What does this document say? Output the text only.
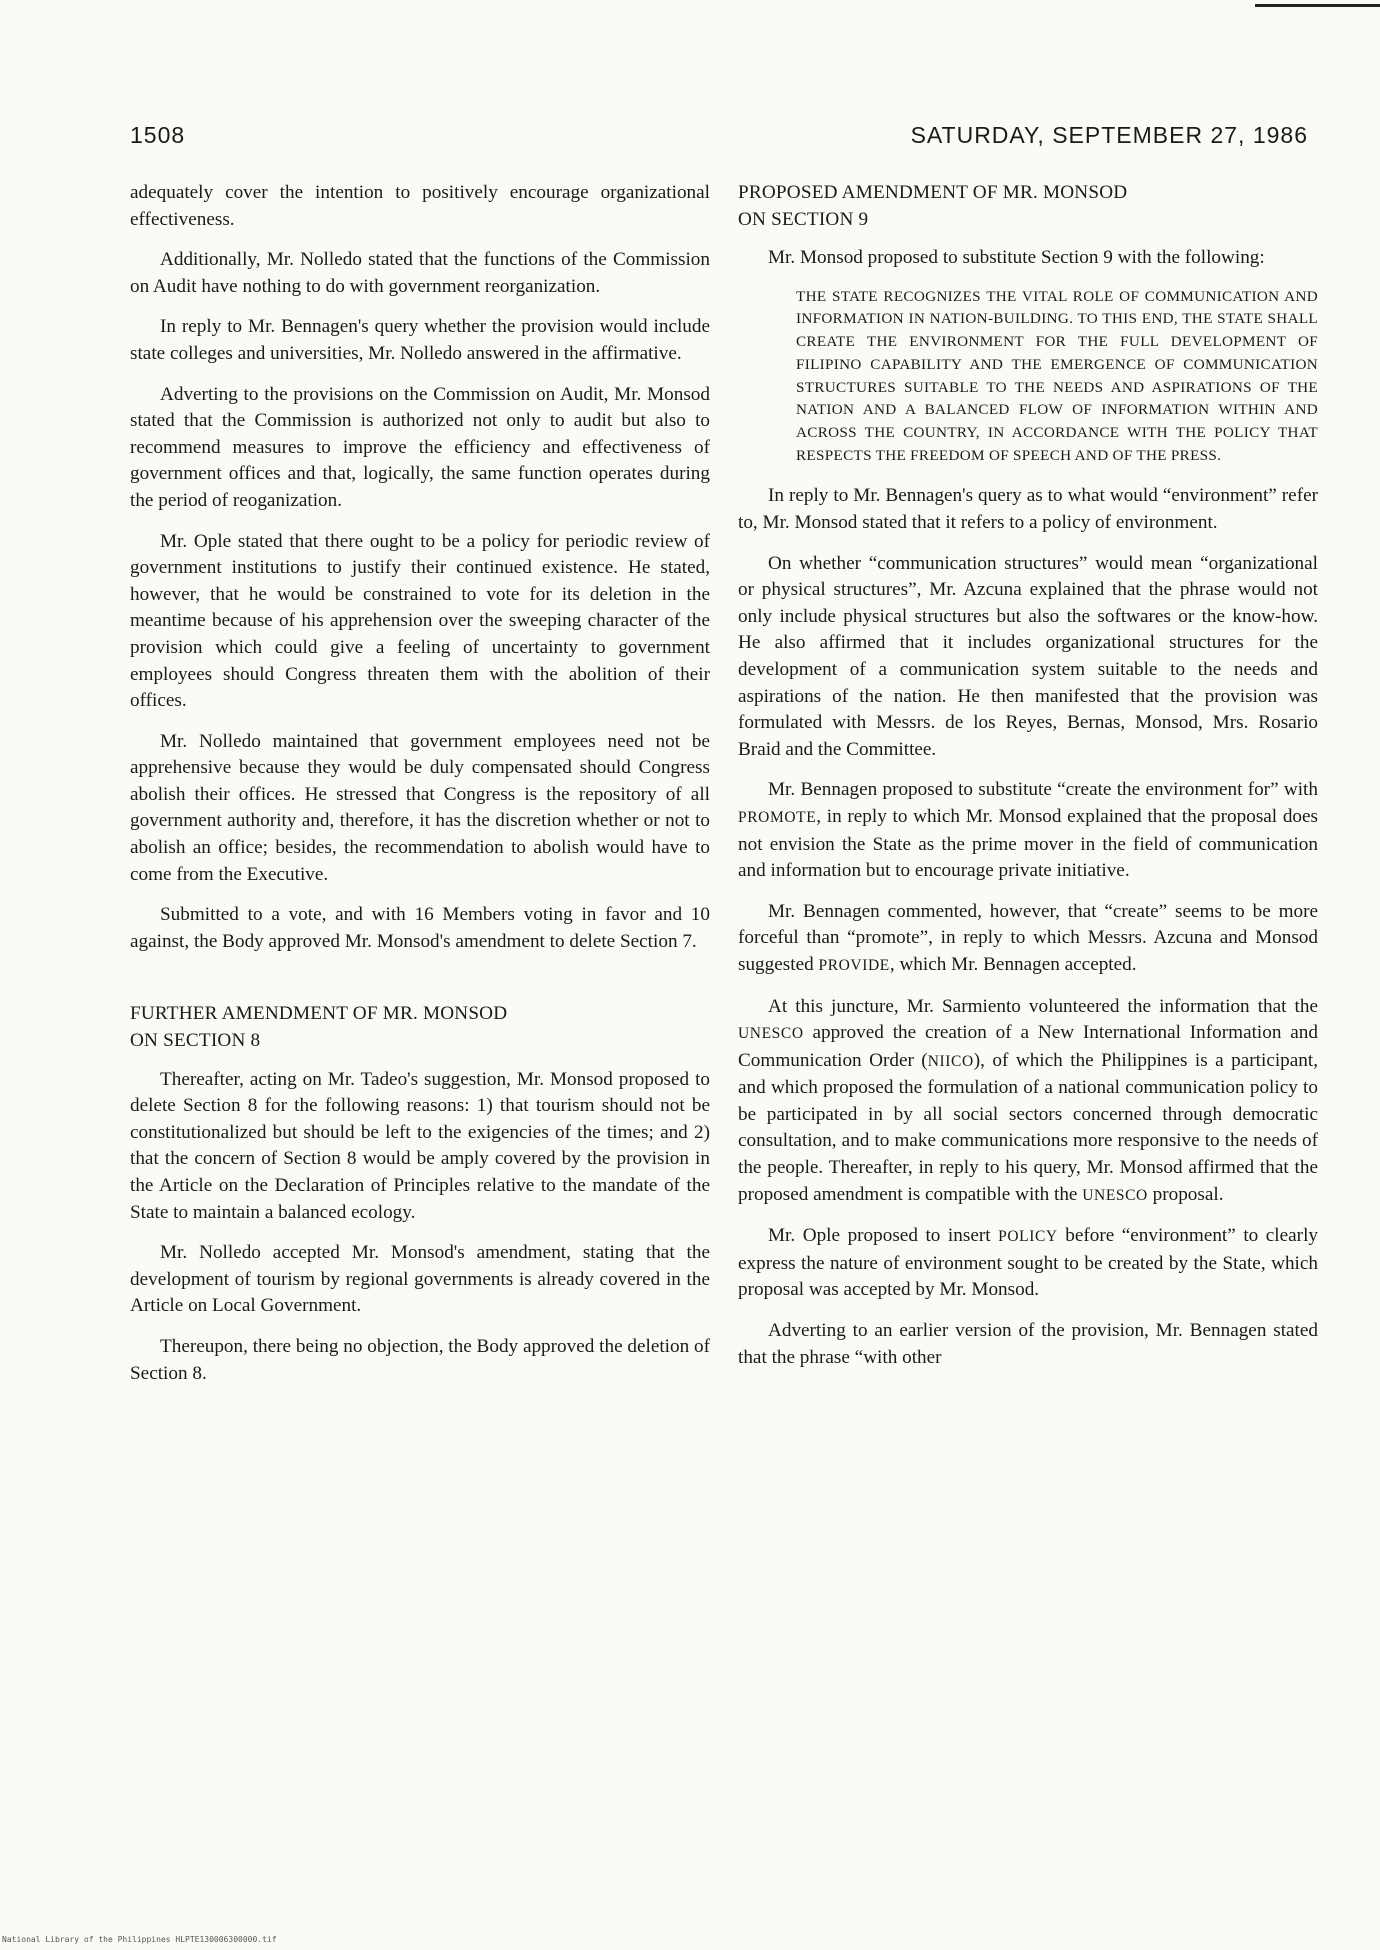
1508	SATURDAY, SEPTEMBER 27, 1986

adequately cover the intention to positively encourage organizational effectiveness.

Additionally, Mr. Nolledo stated that the functions of the Commission on Audit have nothing to do with government reorganization.

In reply to Mr. Bennagen's query whether the provision would include state colleges and universities, Mr. Nolledo answered in the affirmative.

Adverting to the provisions on the Commission on Audit, Mr. Monsod stated that the Commission is authorized not only to audit but also to recommend measures to improve the efficiency and effectiveness of government offices and that, logically, the same function operates during the period of reoganization.

Mr. Ople stated that there ought to be a policy for periodic review of government institutions to justify their continued existence. He stated, however, that he would be constrained to vote for its deletion in the meantime because of his apprehension over the sweeping character of the provision which could give a feeling of uncertainty to government employees should Congress threaten them with the abolition of their offices.

Mr. Nolledo maintained that government employees need not be apprehensive because they would be duly compensated should Congress abolish their offices. He stressed that Congress is the repository of all government authority and, therefore, it has the discretion whether or not to abolish an office; besides, the recommendation to abolish would have to come from the Executive.

Submitted to a vote, and with 16 Members voting in favor and 10 against, the Body approved Mr. Monsod's amendment to delete Section 7.

FURTHER AMENDMENT OF MR. MONSOD
ON SECTION 8

Thereafter, acting on Mr. Tadeo's suggestion, Mr. Monsod proposed to delete Section 8 for the following reasons: 1) that tourism should not be constitutionalized but should be left to the exigencies of the times; and 2) that the concern of Section 8 would be amply covered by the provision in the Article on the Declaration of Principles relative to the mandate of the State to maintain a balanced ecology.

Mr. Nolledo accepted Mr. Monsod's amendment, stating that the development of tourism by regional governments is already covered in the Article on Local Government.

Thereupon, there being no objection, the Body approved the deletion of Section 8.

PROPOSED AMENDMENT OF MR. MONSOD
ON SECTION 9

Mr. Monsod proposed to substitute Section 9 with the following:

THE STATE RECOGNIZES THE VITAL ROLE OF COMMUNICATION AND INFORMATION IN NATION-BUILDING. TO THIS END, THE STATE SHALL CREATE THE ENVIRONMENT FOR THE FULL DEVELOPMENT OF FILIPINO CAPABILITY AND THE EMERGENCE OF COMMUNICATION STRUCTURES SUITABLE TO THE NEEDS AND ASPIRATIONS OF THE NATION AND A BALANCED FLOW OF INFORMATION WITHIN AND ACROSS THE COUNTRY, IN ACCORDANCE WITH THE POLICY THAT RESPECTS THE FREEDOM OF SPEECH AND OF THE PRESS.

In reply to Mr. Bennagen's query as to what would “environment” refer to, Mr. Monsod stated that it refers to a policy of environment.

On whether “communication structures” would mean “organizational or physical structures”, Mr. Azcuna explained that the phrase would not only include physical structures but also the softwares or the know-how. He also affirmed that it includes organizational structures for the development of a communication system suitable to the needs and aspirations of the nation. He then manifested that the provision was formulated with Messrs. de los Reyes, Bernas, Monsod, Mrs. Rosario Braid and the Committee.

Mr. Bennagen proposed to substitute “create the environment for” with PROMOTE, in reply to which Mr. Monsod explained that the proposal does not envision the State as the prime mover in the field of communication and information but to encourage private initiative.

Mr. Bennagen commented, however, that “create” seems to be more forceful than “promote”, in reply to which Messrs. Azcuna and Monsod suggested PROVIDE, which Mr. Bennagen accepted.

At this juncture, Mr. Sarmiento volunteered the information that the UNESCO approved the creation of a New International Information and Communication Order (NIICO), of which the Philippines is a participant, and which proposed the formulation of a national communication policy to be participated in by all social sectors concerned through democratic consultation, and to make communications more responsive to the needs of the people. Thereafter, in reply to his query, Mr. Monsod affirmed that the proposed amendment is compatible with the UNESCO proposal.

Mr. Ople proposed to insert POLICY before “environment” to clearly express the nature of environment sought to be created by the State, which proposal was accepted by Mr. Monsod.

Adverting to an earlier version of the provision, Mr. Bennagen stated that the phrase “with other

National Library of the Philippines HLPTE130006300000.tif
